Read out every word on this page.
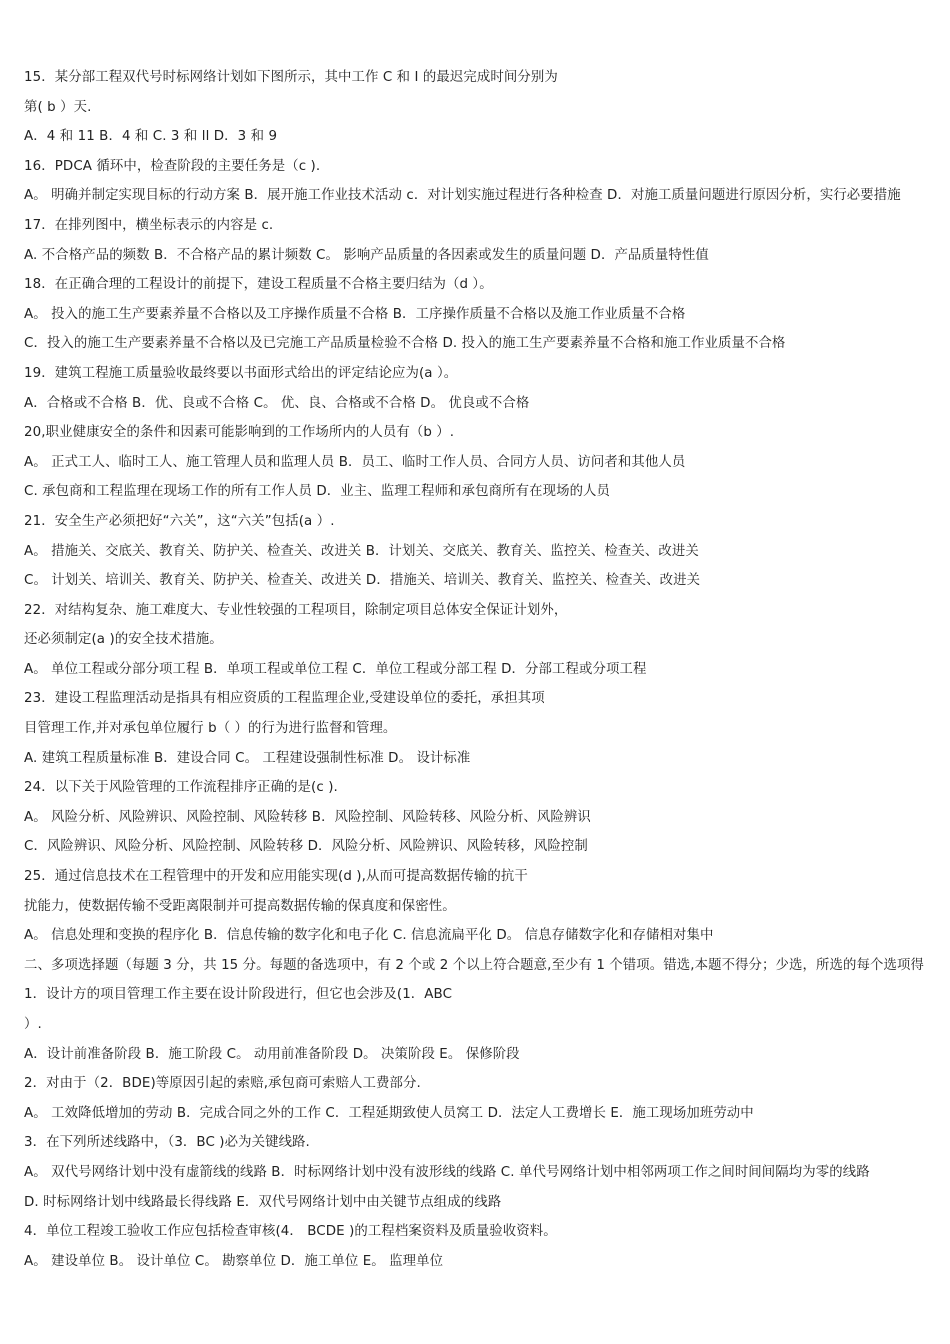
15．某分部工程双代号时标网络计划如下图所示，其中工作 C 和 I 的最迟完成时间分别为
第( b ）天.
A．4 和 11 B．4 和 C. 3 和 ll D．3 和 9
16．PDCA 循环中，检查阶段的主要任务是（c ).
A。 明确并制定实现目标的行动方案 B．展开施工作业技术活动 c．对计划实施过程进行各种检查 D．对施工质量问题进行原因分析，实行必要措施
17．在排列图中，横坐标表示的内容是 c.
A. 不合格产品的频数 B．不合格产品的累计频数 C。 影响产品质量的各因素或发生的质量问题 D．产品质量特性值
18．在正确合理的工程设计的前提下，建设工程质量不合格主要归结为（d ）。
A。 投入的施工生产要素养量不合格以及工序操作质量不合格 B．工序操作质量不合格以及施工作业质量不合格
C．投入的施工生产要素养量不合格以及已完施工产品质量检验不合格 D. 投入的施工生产要素养量不合格和施工作业质量不合格
19．建筑工程施工质量验收最终要以书面形式给出的评定结论应为(a ）。
A．合格或不合格 B．优、良或不合格 C。 优、良、合格或不合格 D。 优良或不合格
20,职业健康安全的条件和因素可能影响到的工作场所内的人员有（b ）.
A。 正式工人、临时工人、施工管理人员和监理人员 B．员工、临时工作人员、合同方人员、访问者和其他人员
C. 承包商和工程监理在现场工作的所有工作人员 D．业主、监理工程师和承包商所有在现场的人员
21．安全生产必须把好“六关”，这“六关”包括(a ）.
A。 措施关、交底关、教育关、防护关、检查关、改进关 B．计划关、交底关、教育关、监控关、检查关、改进关
C。 计划关、培训关、教育关、防护关、检查关、改进关 D．措施关、培训关、教育关、监控关、检查关、改进关
22．对结构复杂、施工难度大、专业性较强的工程项目，除制定项目总体安全保证计划外，
还必须制定(a )的安全技术措施。
A。 单位工程或分部分项工程 B．单项工程或单位工程 C．单位工程或分部工程 D．分部工程或分项工程
23．建设工程监理活动是指具有相应资质的工程监理企业,受建设单位的委托，承担其项
目管理工作,并对承包单位履行 b（ ）的行为进行监督和管理。
A. 建筑工程质量标准 B．建设合同 C。 工程建设强制性标准 D。 设计标准
24．以下关于风险管理的工作流程排序正确的是(c ).
A。 风险分析、风险辨识、风险控制、风险转移 B．风险控制、风险转移、风险分析、风险辨识
C．风险辨识、风险分析、风险控制、风险转移 D．风险分析、风险辨识、风险转移，风险控制
25．通过信息技术在工程管理中的开发和应用能实现(d ),从而可提高数据传输的抗干
扰能力，使数据传输不受距离限制并可提高数据传输的保真度和保密性。
A。 信息处理和变换的程序化 B．信息传输的数字化和电子化 C. 信息流扁平化 D。 信息存储数字化和存储相对集中
二、多项选择题（每题 3 分，共 15 分。每题的备选项中，有 2 个或 2 个以上符合题意,至少有 1 个错项。错选,本题不得分；少选，所选的每个选项得
1．设计方的项目管理工作主要在设计阶段进行，但它也会涉及(1．ABC
）.
A．设计前准备阶段 B．施工阶段 C。 动用前准备阶段 D。 决策阶段 E。 保修阶段
2．对由于（2．BDE)等原因引起的索赔,承包商可索赔人工费部分.
A。 工效降低增加的劳动 B．完成合同之外的工作 C．工程延期致使人员窝工 D．法定人工费增长 E．施工现场加班劳动中
3．在下列所述线路中，（3．BC )必为关键线路.
A。 双代号网络计划中没有虚箭线的线路 B．时标网络计划中没有波形线的线路 C. 单代号网络计划中相邻两项工作之间时间间隔均为零的线路
D. 时标网络计划中线路最长得线路 E．双代号网络计划中由关键节点组成的线路
4．单位工程竣工验收工作应包括检查审核(4． BCDE )的工程档案资料及质量验收资料。
A。 建设单位 B。 设计单位 C。 勘察单位 D．施工单位 E。 监理单位
